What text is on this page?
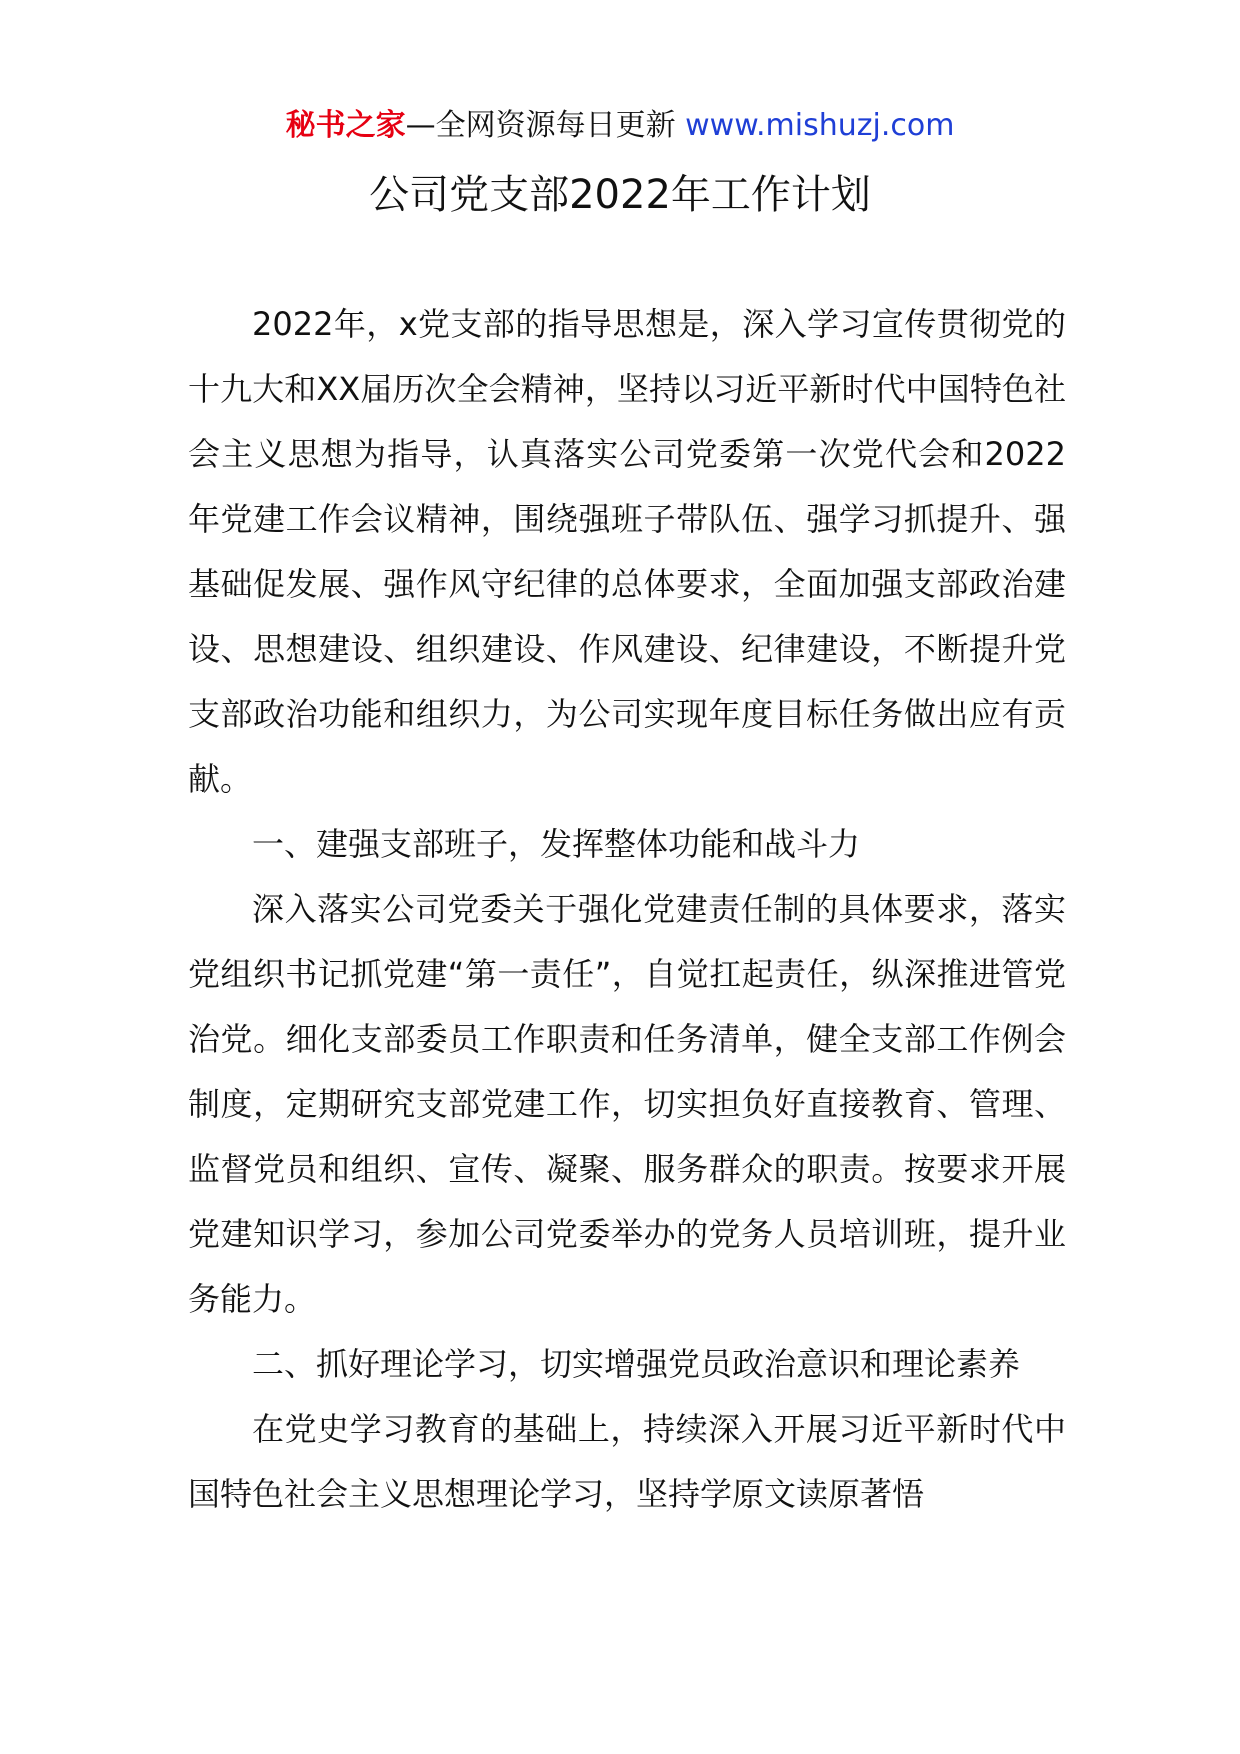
秘书之家—全网资源每日更新 www.mishuzj.com
公司党支部2022年工作计划

2022年，x党支部的指导思想是，深入学习宣传贯彻党的十九大和XX届历次全会精神，坚持以习近平新时代中国特色社会主义思想为指导，认真落实公司党委第一次党代会和2022年党建工作会议精神，围绕强班子带队伍、强学习抓提升、强基础促发展、强作风守纪律的总体要求，全面加强支部政治建设、思想建设、组织建设、作风建设、纪律建设，不断提升党支部政治功能和组织力，为公司实现年度目标任务做出应有贡献。

一、建强支部班子，发挥整体功能和战斗力

深入落实公司党委关于强化党建责任制的具体要求，落实党组织书记抓党建“第一责任”，自觉扛起责任，纵深推进管党治党。细化支部委员工作职责和任务清单，健全支部工作例会制度，定期研究支部党建工作，切实担负好直接教育、管理、监督党员和组织、宣传、凝聚、服务群众的职责。按要求开展党建知识学习，参加公司党委举办的党务人员培训班，提升业务能力。

二、抓好理论学习，切实增强党员政治意识和理论素养

在党史学习教育的基础上，持续深入开展习近平新时代中国特色社会主义思想理论学习，坚持学原文读原著悟
